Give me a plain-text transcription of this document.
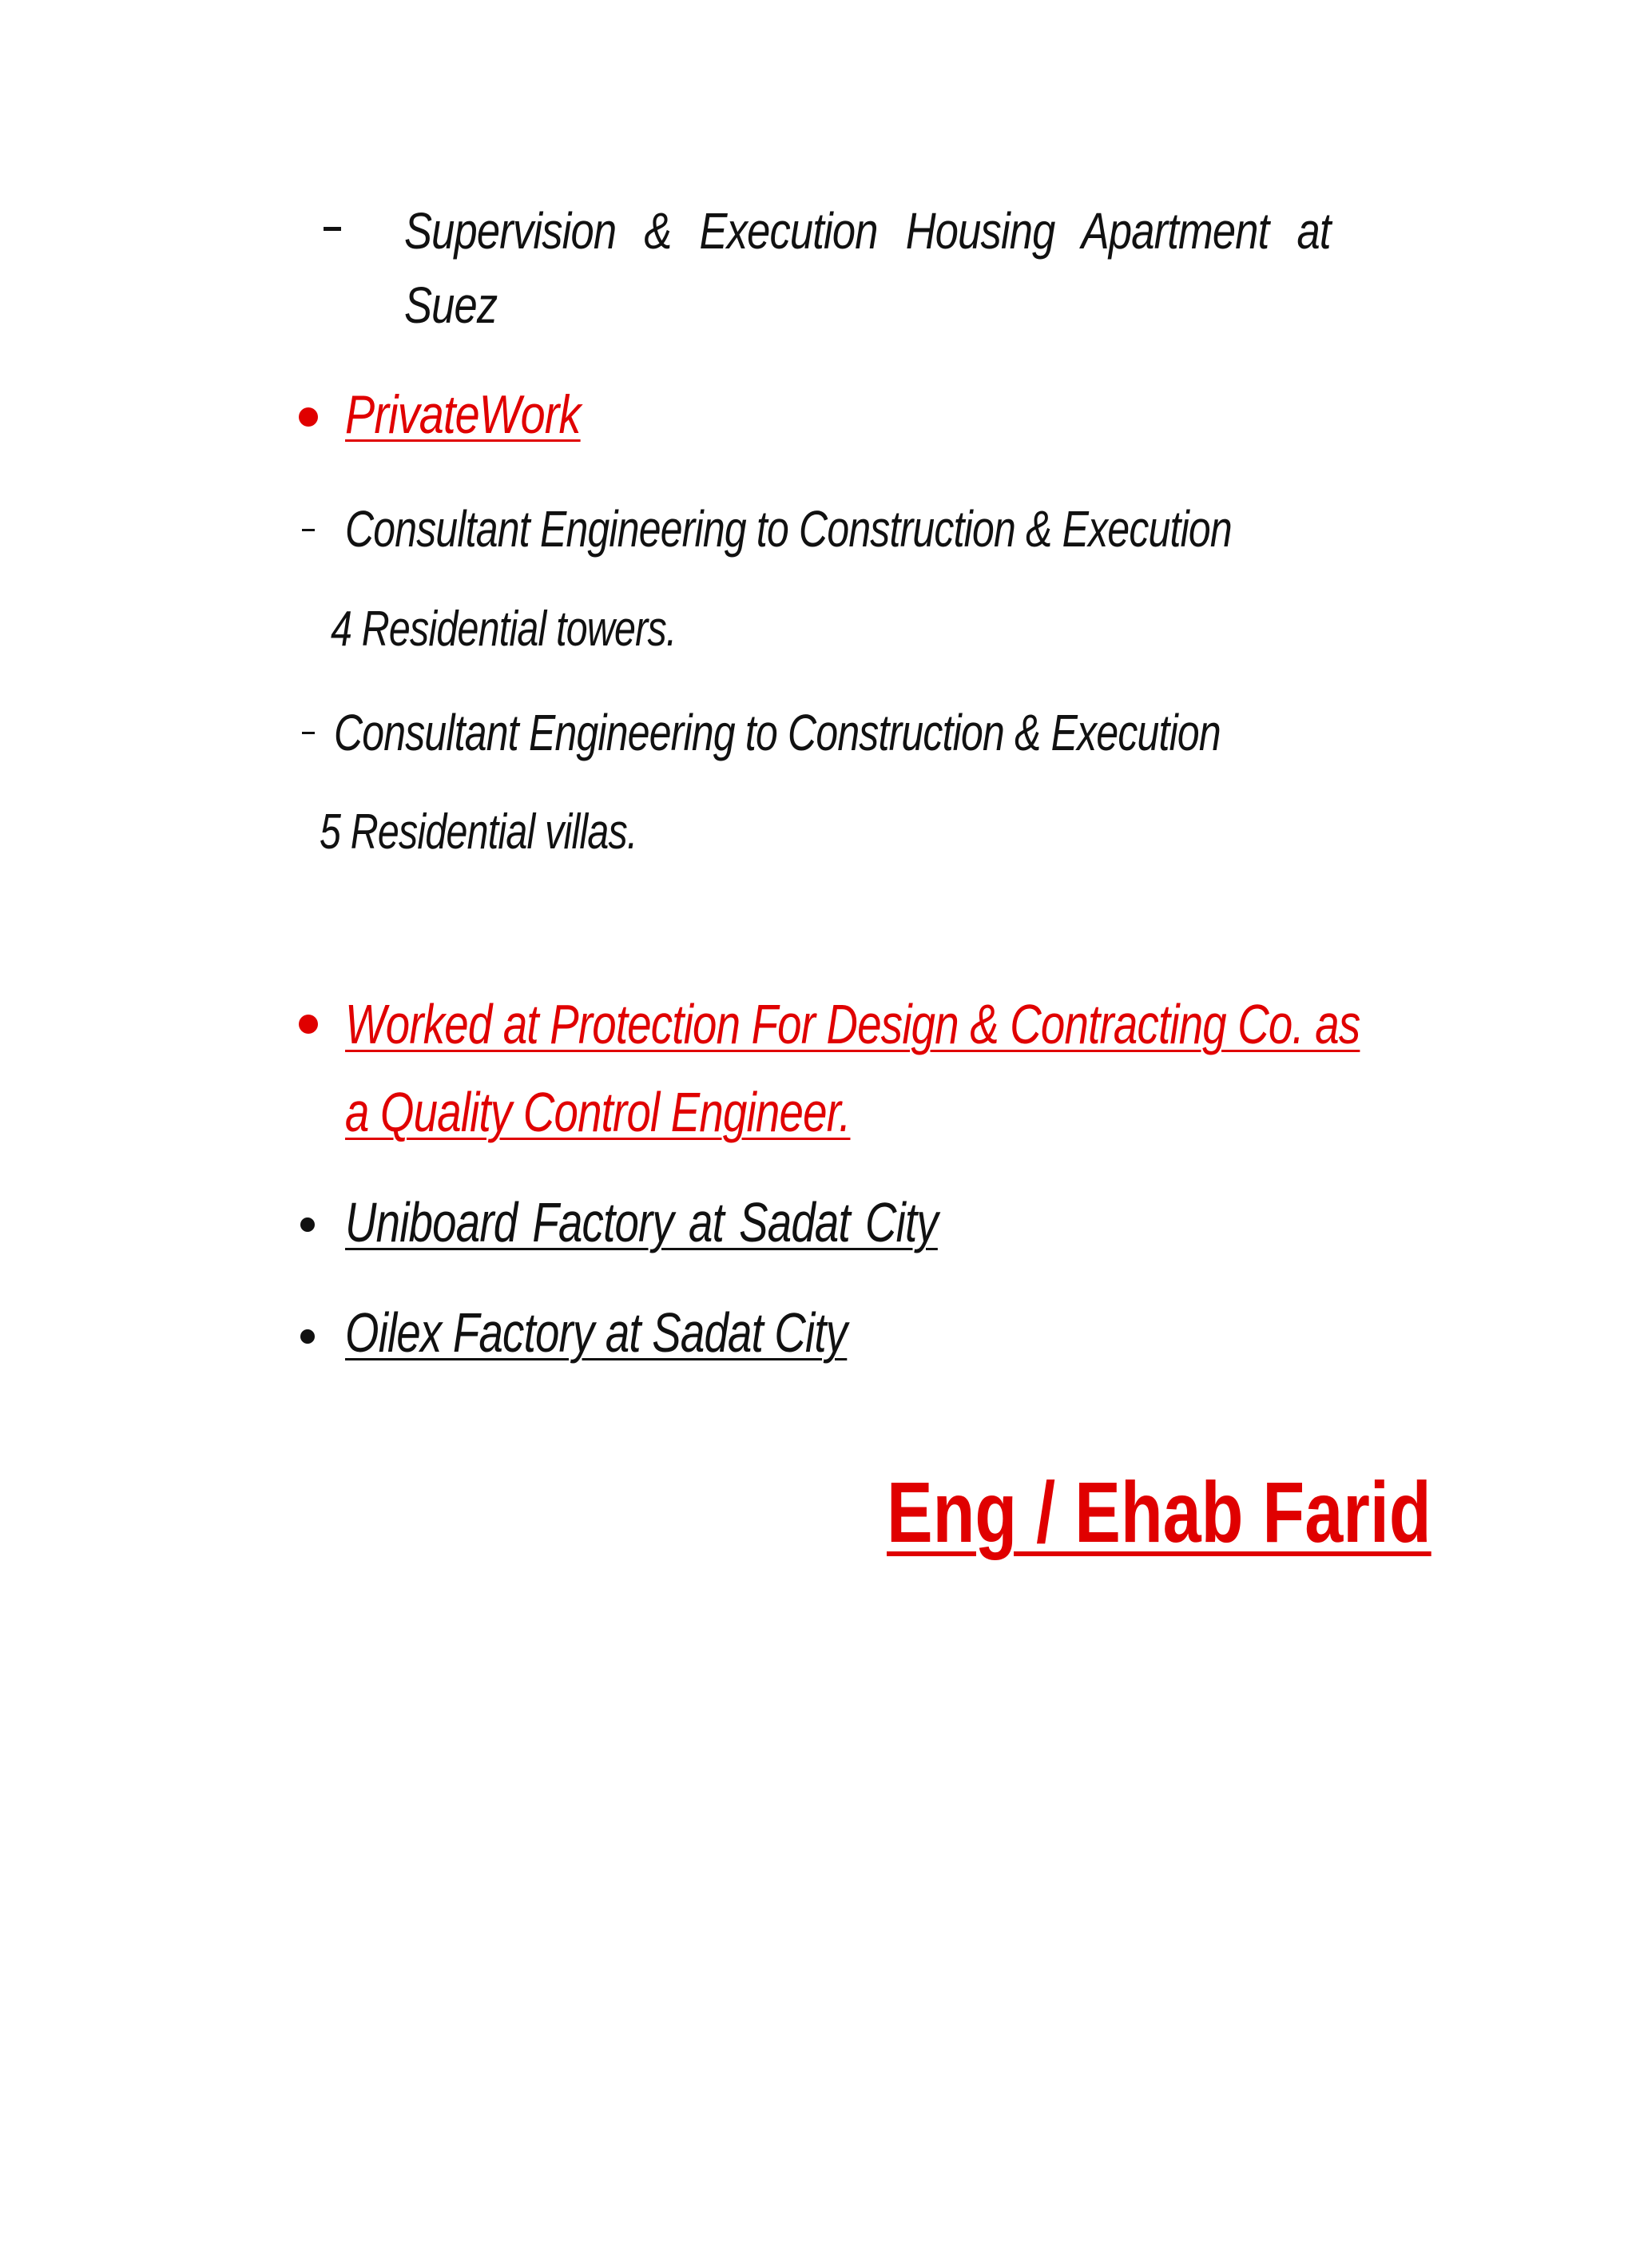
Supervision & Execution Housing Apartment at
Suez
PrivateWork
Consultant Engineering to Construction & Execution
4 Residential towers.
Consultant Engineering to Construction & Execution
5 Residential villas.
Worked at Protection For Design & Contracting Co. as
a Quality Control Engineer.
Uniboard Factory at Sadat City
Oilex Factory at Sadat City
Eng / Ehab Farid
